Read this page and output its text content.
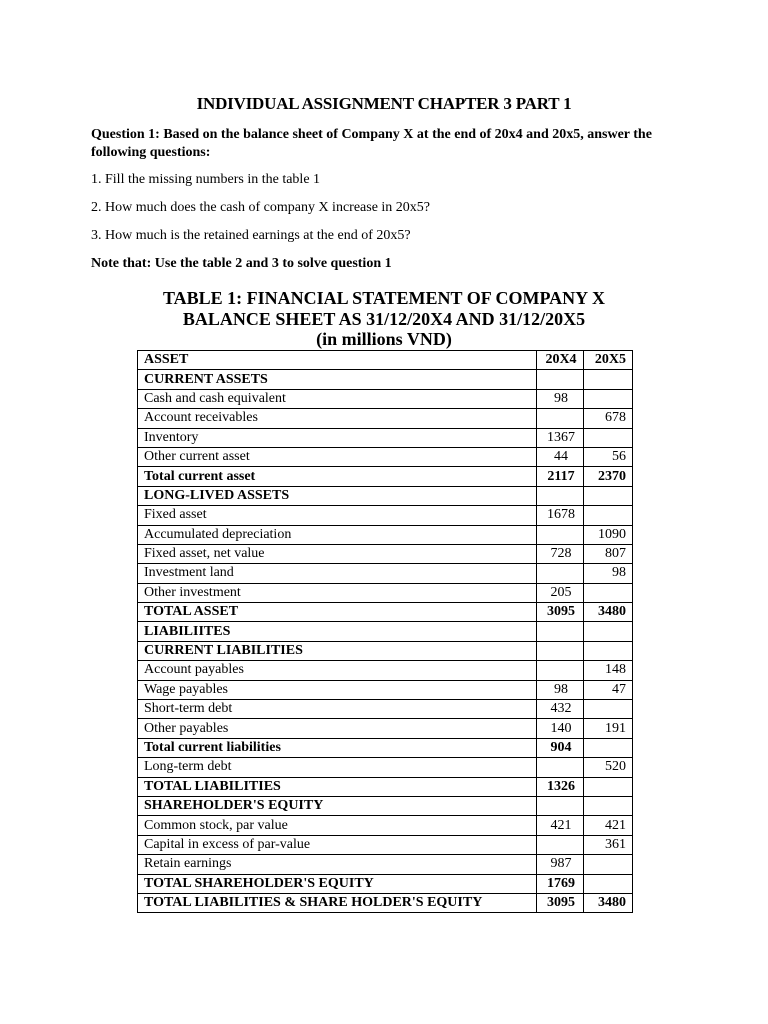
INDIVIDUAL ASSIGNMENT CHAPTER 3 PART 1
Question 1: Based on the balance sheet of Company X at the end of 20x4 and 20x5, answer the following questions:
1. Fill the missing numbers in the table 1
2. How much does the cash of company X increase in 20x5?
3. How much is the retained earnings at the end of 20x5?
Note that: Use the table 2 and 3 to solve question 1
TABLE 1: FINANCIAL STATEMENT OF COMPANY X
BALANCE SHEET AS 31/12/20X4 AND 31/12/20X5
(in millions VND)
ASSET	20X4	20X5
CURRENT ASSETS		
Cash and cash equivalent	98	
Account receivables		678
Inventory	1367	
Other current asset	44	56
Total current asset	2117	2370
LONG-LIVED ASSETS		
Fixed asset	1678	
Accumulated depreciation		1090
Fixed asset, net value	728	807
Investment land		98
Other investment	205	
TOTAL ASSET	3095	3480
LIABILIITES		
CURRENT LIABILITIES		
Account payables		148
Wage payables	98	47
Short-term debt	432	
Other payables	140	191
Total current liabilities	904	
Long-term debt		520
TOTAL LIABILITIES	1326	
SHAREHOLDER'S EQUITY		
Common stock, par value	421	421
Capital in excess of par-value		361
Retain earnings	987	
TOTAL SHAREHOLDER'S EQUITY	1769	
TOTAL LIABILITIES & SHARE HOLDER'S EQUITY	3095	3480
